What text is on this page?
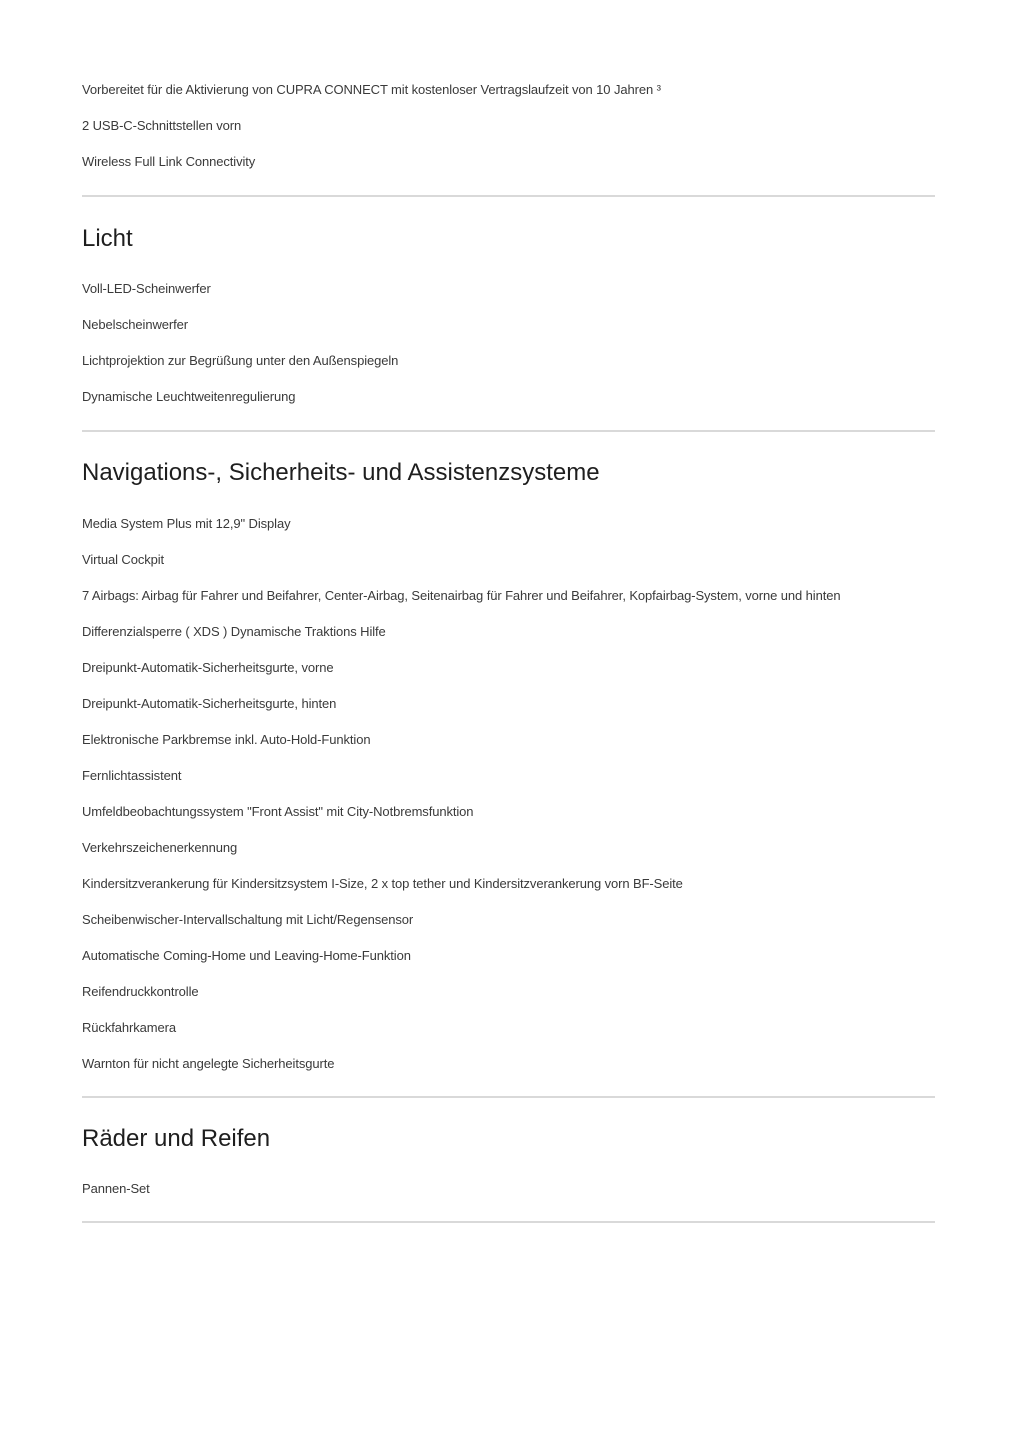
Vorbereitet für die Aktivierung von CUPRA CONNECT mit kostenloser Vertragslaufzeit von 10 Jahren ³
2 USB-C-Schnittstellen vorn
Wireless Full Link Connectivity
Licht
Voll-LED-Scheinwerfer
Nebelscheinwerfer
Lichtprojektion zur Begrüßung unter den Außenspiegeln
Dynamische Leuchtweitenregulierung
Navigations-, Sicherheits- und Assistenzsysteme
Media System Plus mit 12,9" Display
Virtual Cockpit
7 Airbags: Airbag für Fahrer und Beifahrer, Center-Airbag, Seitenairbag für Fahrer und Beifahrer, Kopfairbag-System, vorne und hinten
Differenzialsperre ( XDS ) Dynamische Traktions Hilfe
Dreipunkt-Automatik-Sicherheitsgurte, vorne
Dreipunkt-Automatik-Sicherheitsgurte, hinten
Elektronische Parkbremse inkl. Auto-Hold-Funktion
Fernlichtassistent
Umfeldbeobachtungssystem "Front Assist" mit City-Notbremsfunktion
Verkehrszeichenerkennung
Kindersitzverankerung für Kindersitzsystem I-Size, 2 x top tether und Kindersitzverankerung vorn BF-Seite
Scheibenwischer-Intervallschaltung mit Licht/Regensensor
Automatische Coming-Home und Leaving-Home-Funktion
Reifendruckkontrolle
Rückfahrkamera
Warnton für nicht angelegte Sicherheitsgurte
Räder und Reifen
Pannen-Set
